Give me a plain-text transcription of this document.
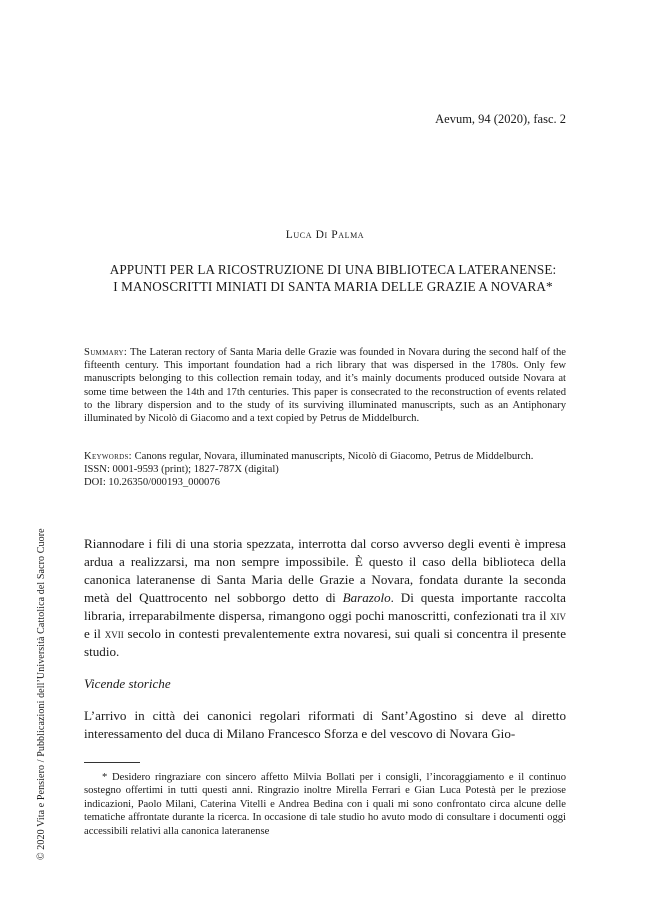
Aevum, 94 (2020), fasc. 2
Luca Di Palma
APPUNTI PER LA RICOSTRUZIONE DI UNA BIBLIOTECA LATERANENSE:
I MANOSCRITTI MINIATI DI SANTA MARIA DELLE GRAZIE A NOVARA*
Summary: The Lateran rectory of Santa Maria delle Grazie was founded in Novara during the second half of the fifteenth century. This important foundation had a rich library that was dispersed in the 1780s. Only few manuscripts belonging to this collection remain today, and it’s mainly documents produced outside Novara at some time between the 14th and 17th centuries. This paper is consecrated to the reconstruction of events related to the library dispersion and to the study of its surviving illuminated manuscripts, such as an Antiphonary illuminated by Nicolò di Giacomo and a text copied by Petrus de Middelburch.
Keywords: Canons regular, Novara, illuminated manuscripts, Nicolò di Giacomo, Petrus de Middelburch.
ISSN: 0001-9593 (print); 1827-787X (digital)
DOI: 10.26350/000193_000076
Riannodare i fili di una storia spezzata, interrotta dal corso avverso degli eventi è impresa ardua a realizzarsi, ma non sempre impossibile. È questo il caso della biblioteca della canonica lateranense di Santa Maria delle Grazie a Novara, fondata durante la seconda metà del Quattrocento nel sobborgo detto di Barazolo. Di questa importante raccolta libraria, irreparabilmente dispersa, rimangono oggi pochi manoscritti, confezionati tra il xiv e il xvii secolo in contesti prevalentemente extra novaresi, sui quali si concentra il presente studio.
Vicende storiche
L’arrivo in città dei canonici regolari riformati di Sant’Agostino si deve al diretto interessamento del duca di Milano Francesco Sforza e del vescovo di Novara Gio-
* Desidero ringraziare con sincero affetto Milvia Bollati per i consigli, l’incoraggiamento e il continuo sostegno offertimi in tutti questi anni. Ringrazio inoltre Mirella Ferrari e Gian Luca Potestà per le preziose indicazioni, Paolo Milani, Caterina Vitelli e Andrea Bedina con i quali mi sono confrontato circa alcune delle tematiche affrontate durante la ricerca. In occasione di tale studio ho avuto modo di consultare i documenti oggi accessibili relativi alla canonica lateranense
© 2020 Vita e Pensiero / Pubblicazioni dell’Università Cattolica del Sacro Cuore
